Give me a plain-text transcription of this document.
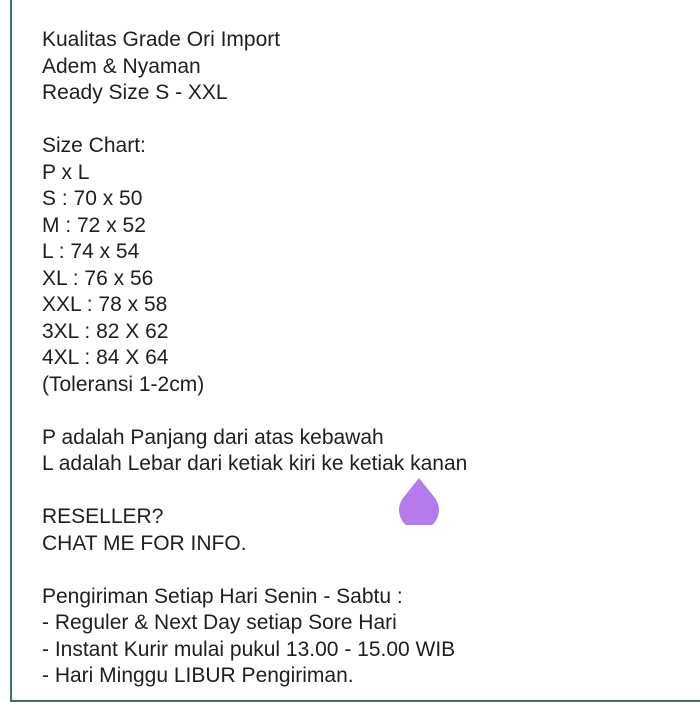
Kualitas Grade Ori Import
Adem & Nyaman
Ready Size S - XXL
Size Chart:
P x L
S : 70 x 50
M : 72 x 52
L : 74 x 54
XL : 76 x 56
XXL : 78 x 58
3XL : 82 X 62
4XL : 84 X 64
(Toleransi 1-2cm)
P adalah Panjang dari atas kebawah
L adalah Lebar dari ketiak kiri ke ketiak kanan
RESELLER?
CHAT ME FOR INFO.
Pengiriman Setiap Hari Senin - Sabtu :
- Reguler & Next Day setiap Sore Hari
- Instant Kurir mulai pukul 13.00 - 15.00 WIB
- Hari Minggu LIBUR Pengiriman.
